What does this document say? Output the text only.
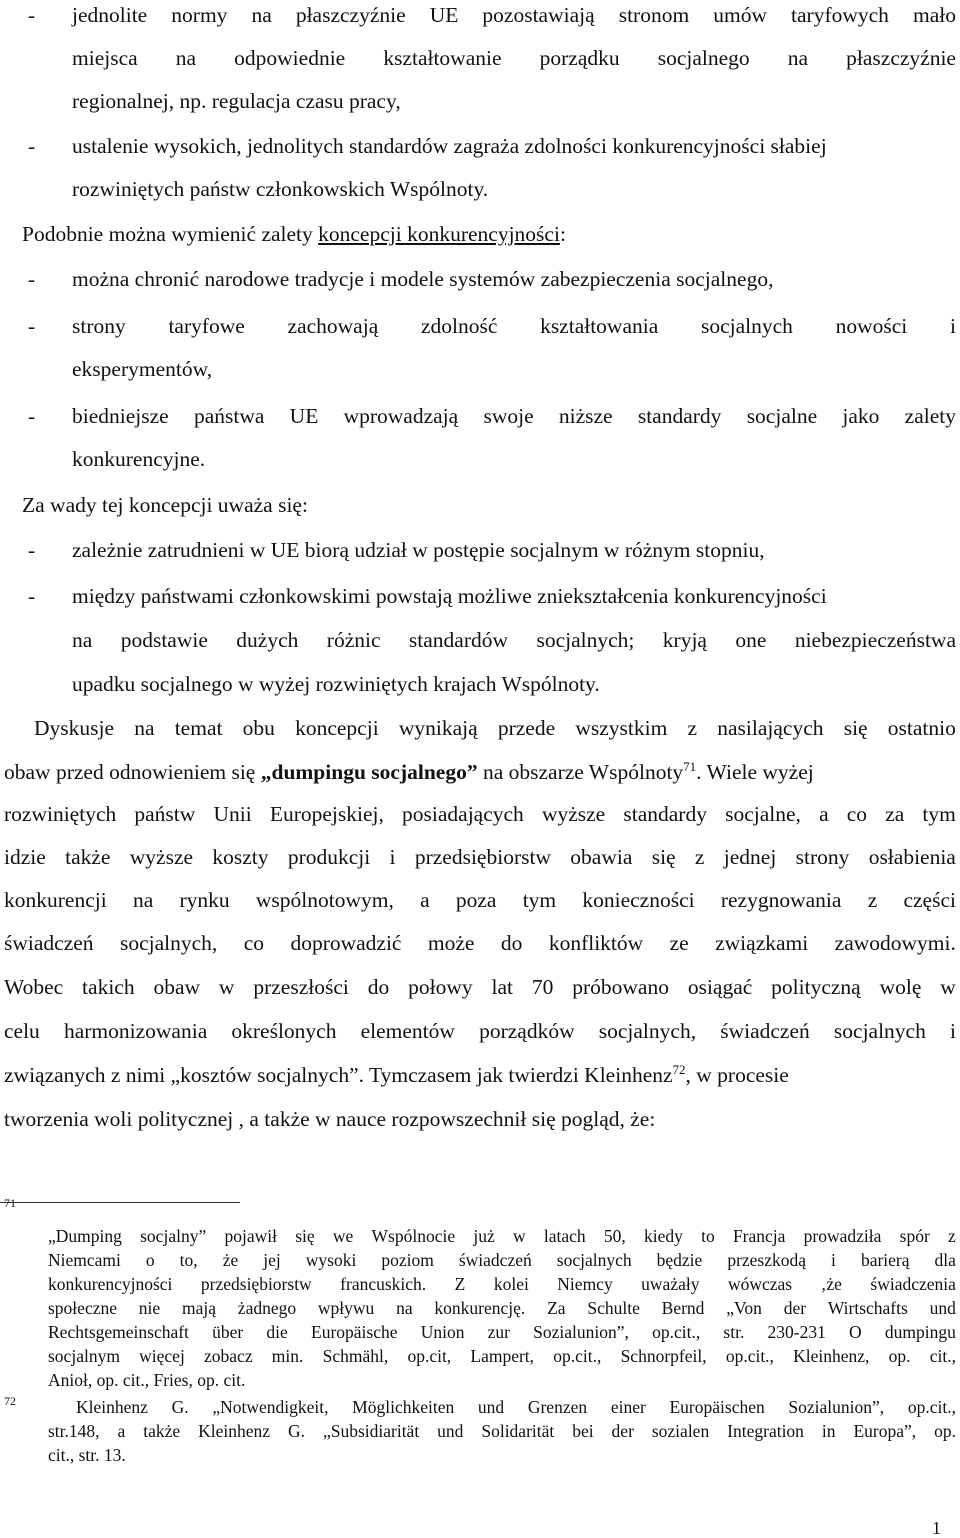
-	jednolite normy na płaszczyźnie UE pozostawiają stronom umów taryfowych mało
miejsca na odpowiednie kształtowanie porządku socjalnego na płaszczyźnie
regionalnej, np. regulacja czasu pracy,
-	ustalenie wysokich, jednolitych standardów zagraża zdolności konkurencyjności słabiej
rozwiniętych państw członkowskich Wspólnoty.
Podobnie można wymienić zalety koncepcji konkurencyjności:
-	można chronić narodowe tradycje i modele systemów zabezpieczenia socjalnego,
-	strony taryfowe zachowają zdolność kształtowania socjalnych nowości i
eksperymentów,
-	biedniejsze państwa UE wprowadzają swoje niższe standardy socjalne jako zalety
konkurencyjne.
Za wady tej koncepcji uważa się:
-	zależnie zatrudnieni w UE biorą udział w postępie socjalnym w różnym stopniu,
-	między państwami członkowskimi powstają możliwe zniekształcenia konkurencyjności
na podstawie dużych różnic standardów socjalnych; kryją one niebezpieczeństwa
upadku socjalnego w wyżej rozwiniętych krajach Wspólnoty.
Dyskusje na temat obu koncepcji wynikają przede wszystkim z nasilających się ostatnio
obaw przed odnowieniem się „dumpingu socjalnego” na obszarze Wspólnoty$^{71}$. Wiele wyżej
rozwiniętych państw Unii Europejskiej, posiadających wyższe standardy socjalne, a co za tym
idzie także wyższe koszty produkcji i przedsiębiorstw obawia się z jednej strony osłabienia
konkurencji na rynku wspólnotowym, a poza tym konieczności rezygnowania z części
świadczeń socjalnych, co doprowadzić może do konfliktów ze związkami zawodowymi.
Wobec takich obaw w przeszłości do połowy lat 70 próbowano osiągać polityczną wolę w
celu harmonizowania określonych elementów porządków socjalnych, świadczeń socjalnych i
związanych z nimi „kosztów socjalnych”. Tymczasem jak twierdzi Kleinhenz$^{72}$, w procesie
tworzenia woli politycznej , a także w nauce rozpowszechnił się pogląd, że:
71
„Dumping socjalny” pojawił się we Wspólnocie już w latach 50, kiedy to Francja prowadziła spór z
Niemcami o to, że jej wysoki poziom świadczeń socjalnych będzie przeszkodą i barierą dla
konkurencyjności przedsiębiorstw francuskich. Z kolei Niemcy uważały wówczas ‚że świadczenia
społeczne nie mają żadnego wpływu na konkurencję. Za Schulte Bernd „Von der Wirtschafts und
Rechtsgemeinschaft über die Europäische Union zur Sozialunion”, op.cit., str. 230-231 O dumpingu
socjalnym więcej zobacz min. Schmähl, op.cit, Lampert, op.cit., Schnorpfeil, op.cit., Kleinhenz, op. cit.,
Anioł, op. cit., Fries, op. cit.
72	Kleinhenz G. „Notwendigkeit, Möglichkeiten und Grenzen einer Europäischen Sozialunion”, op.cit.,
str.148, a także Kleinhenz G. „Subsidiarität und Solidarität bei der sozialen Integration in Europa”, op.
cit., str. 13.
1
